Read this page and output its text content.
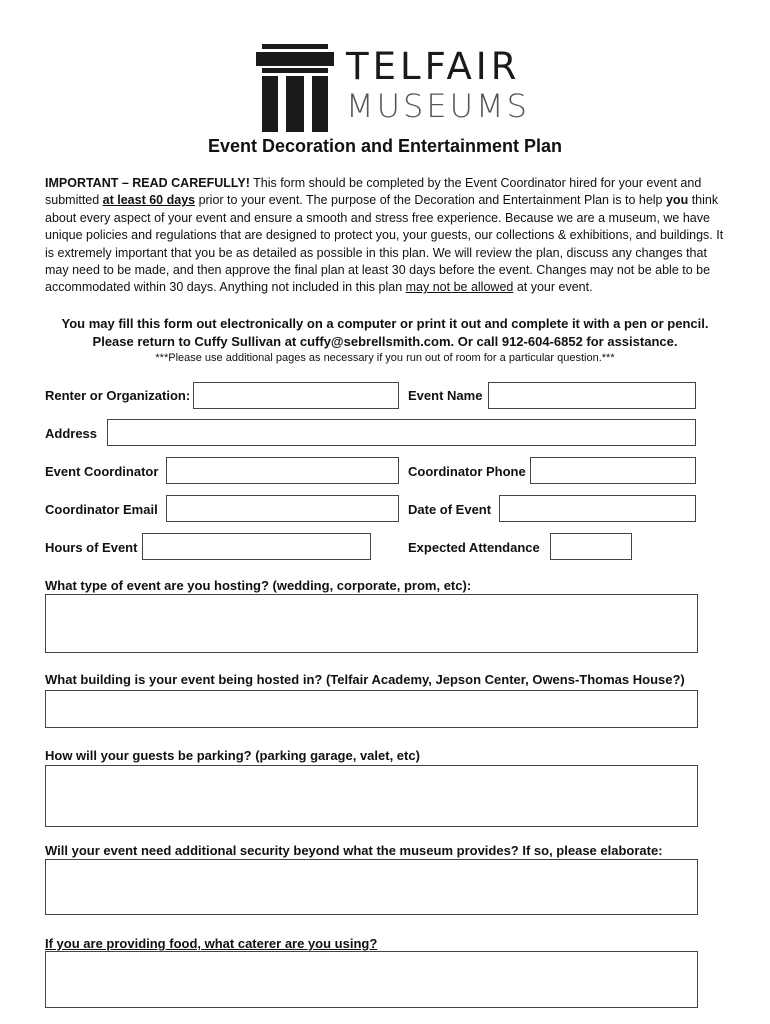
TELFAIR
MUSEUMS
Event Decoration and Entertainment Plan
IMPORTANT – READ CAREFULLY! This form should be completed by the Event Coordinator hired for your event and submitted at least 60 days prior to your event. The purpose of the Decoration and Entertainment Plan is to help you think about every aspect of your event and ensure a smooth and stress free experience. Because we are a museum, we have unique policies and regulations that are designed to protect you, your guests, our collections & exhibitions, and buildings. It is extremely important that you be as detailed as possible in this plan. We will review the plan, discuss any changes that may need to be made, and then approve the final plan at least 30 days before the event. Changes may not be able to be accommodated within 30 days. Anything not included in this plan may not be allowed at your event.
You may fill this form out electronically on a computer or print it out and complete it with a pen or pencil.
Please return to Cuffy Sullivan at cuffy@sebrellsmith.com. Or call 912-604-6852 for assistance.
***Please use additional pages as necessary if you run out of room for a particular question.***
Renter or Organization:	Event Name
Address
Event Coordinator	Coordinator Phone
Coordinator Email	Date of Event
Hours of Event	Expected Attendance
What type of event are you hosting? (wedding, corporate, prom, etc):
What building is your event being hosted in? (Telfair Academy, Jepson Center, Owens-Thomas House?)
How will your guests be parking? (parking garage, valet, etc)
Will your event need additional security beyond what the museum provides? If so, please elaborate:
If you are providing food, what caterer are you using?
